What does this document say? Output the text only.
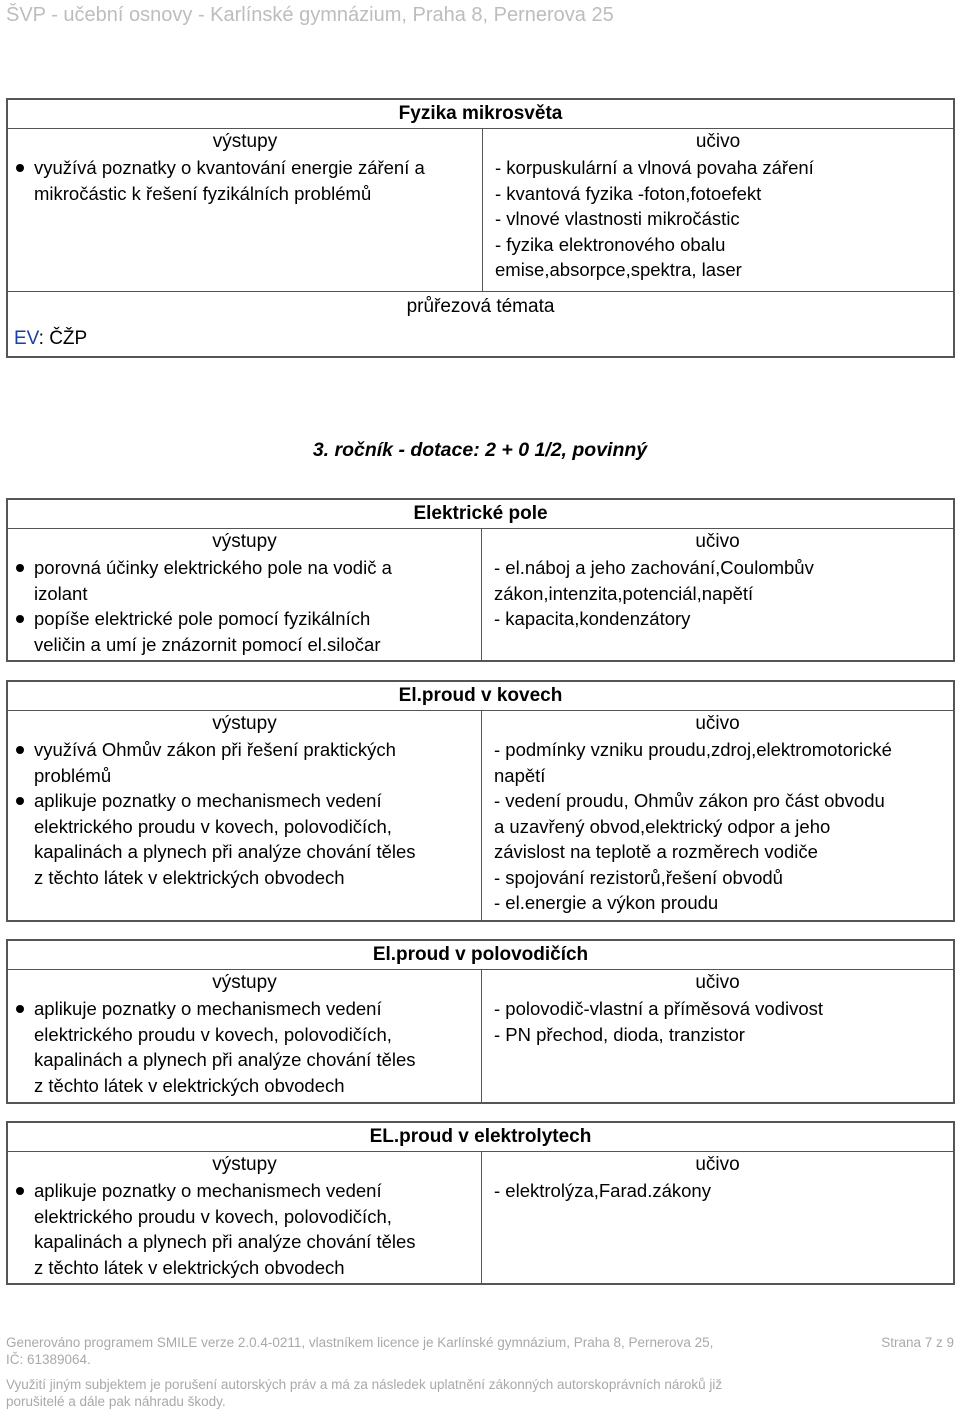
ŠVP - učební osnovy - Karlínské gymnázium, Praha 8, Pernerova 25
Fyzika mikrosvěta
výstupy
využívá poznatky o kvantování energie záření a mikročástic k řešení fyzikálních problémů
učivo
- korpuskulární a vlnová povaha záření
- kvantová fyzika -foton,fotoefekt
- vlnové vlastnosti mikročástic
- fyzika elektronového obalu
emise,absorpce,spektra, laser
průřezová témata
EV: ČŽP
3. ročník - dotace: 2 + 0 1/2, povinný
Elektrické pole
výstupy
porovná účinky elektrického pole na vodič a
izolant
popíše elektrické pole pomocí fyzikálních
veličin a umí je znázornit pomocí el.siločar
učivo
- el.náboj a jeho zachování,Coulombův
zákon,intenzita,potenciál,napětí
- kapacita,kondenzátory
El.proud v kovech
výstupy
využívá Ohmův zákon při řešení praktických
problémů
aplikuje poznatky o mechanismech vedení
elektrického proudu v kovech, polovodičích,
kapalinách a plynech při analýze chování těles
z těchto látek v elektrických obvodech
učivo
- podmínky vzniku proudu,zdroj,elektromotorické
napětí
- vedení proudu, Ohmův zákon pro část obvodu
a uzavřený obvod,elektrický odpor a jeho
závislost na teplotě a rozměrech vodiče
- spojování rezistorů,řešení obvodů
- el.energie a výkon proudu
El.proud v polovodičích
výstupy
aplikuje poznatky o mechanismech vedení
elektrického proudu v kovech, polovodičích,
kapalinách a plynech při analýze chování těles
z těchto látek v elektrických obvodech
učivo
- polovodič-vlastní a příměsová vodivost
- PN přechod, dioda, tranzistor
EL.proud v elektrolytech
výstupy
aplikuje poznatky o mechanismech vedení
elektrického proudu v kovech, polovodičích,
kapalinách a plynech při analýze chování těles
z těchto látek v elektrických obvodech
učivo
- elektrolýza,Farad.zákony
Generováno programem SMILE verze 2.0.4-0211, vlastníkem licence je Karlínské gymnázium, Praha 8, Pernerova 25,
IČ: 61389064.
Strana 7 z 9
Využití jiným subjektem je porušení autorských práv a má za následek uplatnění zákonných autorskoprávních nároků již
porušitelé a dále pak náhradu škody.
